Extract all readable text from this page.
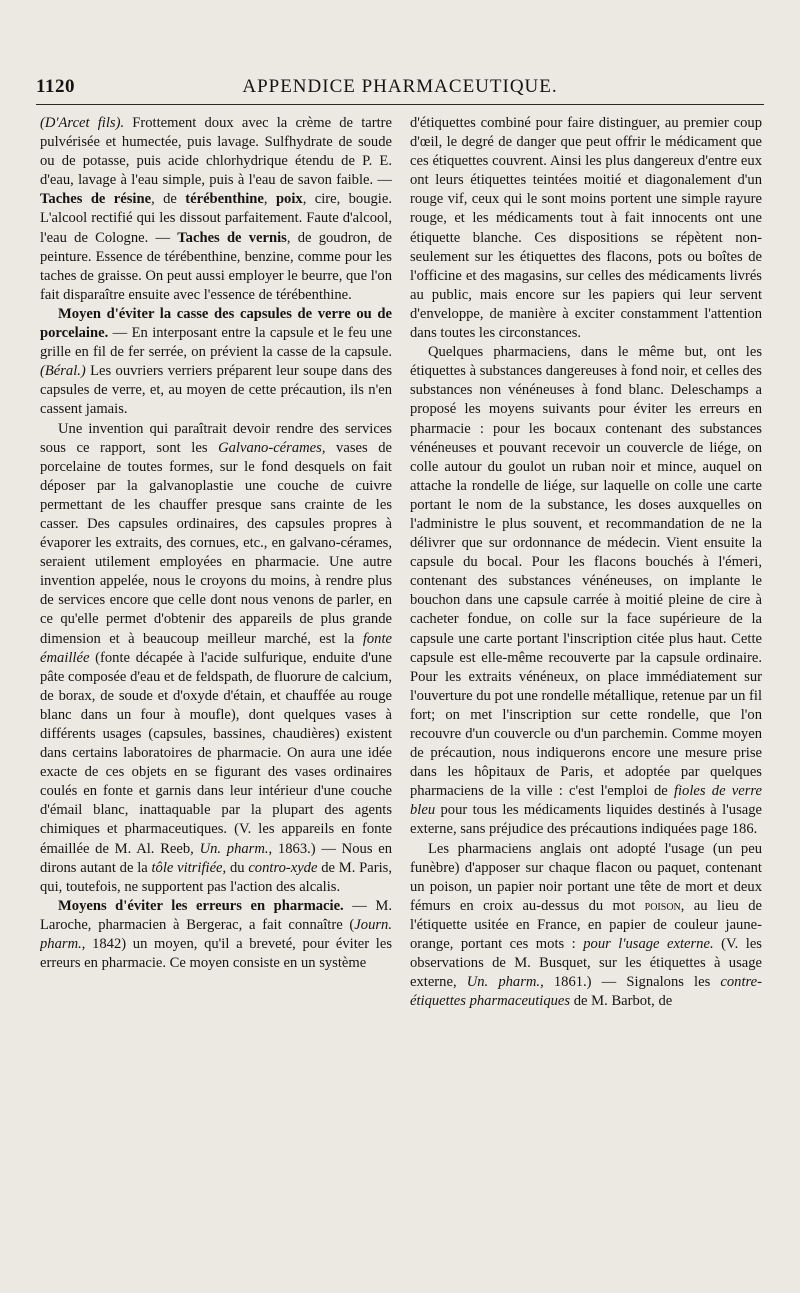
1120	APPENDICE PHARMACEUTIQUE.

(D'Arcet fils). Frottement doux avec la crème de tartre pulvérisée et humectée, puis lavage. Sulfhydrate de soude ou de potasse, puis acide chlorhydrique étendu de P. E. d'eau, lavage à l'eau simple, puis à l'eau de savon faible. — Taches de résine, de térébenthine, poix, cire, bougie. L'alcool rectifié qui les dissout parfaitement. Faute d'alcool, l'eau de Cologne. — Taches de vernis, de goudron, de peinture. Essence de térébenthine, benzine, comme pour les taches de graisse. On peut aussi employer le beurre, que l'on fait disparaître ensuite avec l'essence de térébenthine.

Moyen d'éviter la casse des capsules de verre ou de porcelaine. — En interposant entre la capsule et le feu une grille en fil de fer serrée, on prévient la casse de la capsule. (Béral.) Les ouvriers verriers préparent leur soupe dans des capsules de verre, et, au moyen de cette précaution, ils n'en cassent jamais.

Une invention qui paraîtrait devoir rendre des services sous ce rapport, sont les Galvano-cérames, vases de porcelaine de toutes formes, sur le fond desquels on fait déposer par la galvanoplastie une couche de cuivre permettant de les chauffer presque sans crainte de les casser. Des capsules ordinaires, des capsules propres à évaporer les extraits, des cornues, etc., en galvano-cérames, seraient utilement employées en pharmacie. Une autre invention appelée, nous le croyons du moins, à rendre plus de services encore que celle dont nous venons de parler, en ce qu'elle permet d'obtenir des appareils de plus grande dimension et à beaucoup meilleur marché, est la fonte émaillée (fonte décapée à l'acide sulfurique, enduite d'une pâte composée d'eau et de feldspath, de fluorure de calcium, de borax, de soude et d'oxyde d'étain, et chauffée au rouge blanc dans un four à moufle), dont quelques vases à différents usages (capsules, bassines, chaudières) existent dans certains laboratoires de pharmacie. On aura une idée exacte de ces objets en se figurant des vases ordinaires coulés en fonte et garnis dans leur intérieur d'une couche d'émail blanc, inattaquable par la plupart des agents chimiques et pharmaceutiques. (V. les appareils en fonte émaillée de M. Al. Reeb, Un. pharm., 1863.) — Nous en dirons autant de la tôle vitrifiée, du contro-xyde de M. Paris, qui, toutefois, ne supportent pas l'action des alcalis.

Moyens d'éviter les erreurs en pharmacie. — M. Laroche, pharmacien à Bergerac, a fait connaître (Journ. pharm., 1842) un moyen, qu'il a breveté, pour éviter les erreurs en pharmacie. Ce moyen consiste en un système

d'étiquettes combiné pour faire distinguer, au premier coup d'œil, le degré de danger que peut offrir le médicament que ces étiquettes couvrent. Ainsi les plus dangereux d'entre eux ont leurs étiquettes teintées moitié et diagonalement d'un rouge vif, ceux qui le sont moins portent une simple rayure rouge, et les médicaments tout à fait innocents ont une étiquette blanche. Ces dispositions se répètent non-seulement sur les étiquettes des flacons, pots ou boîtes de l'officine et des magasins, sur celles des médicaments livrés au public, mais encore sur les papiers qui leur servent d'enveloppe, de manière à exciter constamment l'attention dans toutes les circonstances.

Quelques pharmaciens, dans le même but, ont les étiquettes à substances dangereuses à fond noir, et celles des substances non vénéneuses à fond blanc. Deleschamps a proposé les moyens suivants pour éviter les erreurs en pharmacie : pour les bocaux contenant des substances vénéneuses et pouvant recevoir un couvercle de liége, on colle autour du goulot un ruban noir et mince, auquel on attache la rondelle de liége, sur laquelle on colle une carte portant le nom de la substance, les doses auxquelles on l'administre le plus souvent, et recommandation de ne la délivrer que sur ordonnance de médecin. Vient ensuite la capsule du bocal. Pour les flacons bouchés à l'émeri, contenant des substances vénéneuses, on implante le bouchon dans une capsule carrée à moitié pleine de cire à cacheter fondue, on colle sur la face supérieure de la capsule une carte portant l'inscription citée plus haut. Cette capsule est elle-même recouverte par la capsule ordinaire. Pour les extraits vénéneux, on place immédiatement sur l'ouverture du pot une rondelle métallique, retenue par un fil fort; on met l'inscription sur cette rondelle, que l'on recouvre d'un couvercle ou d'un parchemin. Comme moyen de précaution, nous indiquerons encore une mesure prise dans les hôpitaux de Paris, et adoptée par quelques pharmaciens de la ville : c'est l'emploi de fioles de verre bleu pour tous les médicaments liquides destinés à l'usage externe, sans préjudice des précautions indiquées page 186.

Les pharmaciens anglais ont adopté l'usage (un peu funèbre) d'apposer sur chaque flacon ou paquet, contenant un poison, un papier noir portant une tête de mort et deux fémurs en croix au-dessus du mot poison, au lieu de l'étiquette usitée en France, en papier de couleur jaune-orange, portant ces mots : pour l'usage externe. (V. les observations de M. Busquet, sur les étiquettes à usage externe, Un. pharm., 1861.) — Signalons les contre-étiquettes pharmaceutiques de M. Barbot, de
